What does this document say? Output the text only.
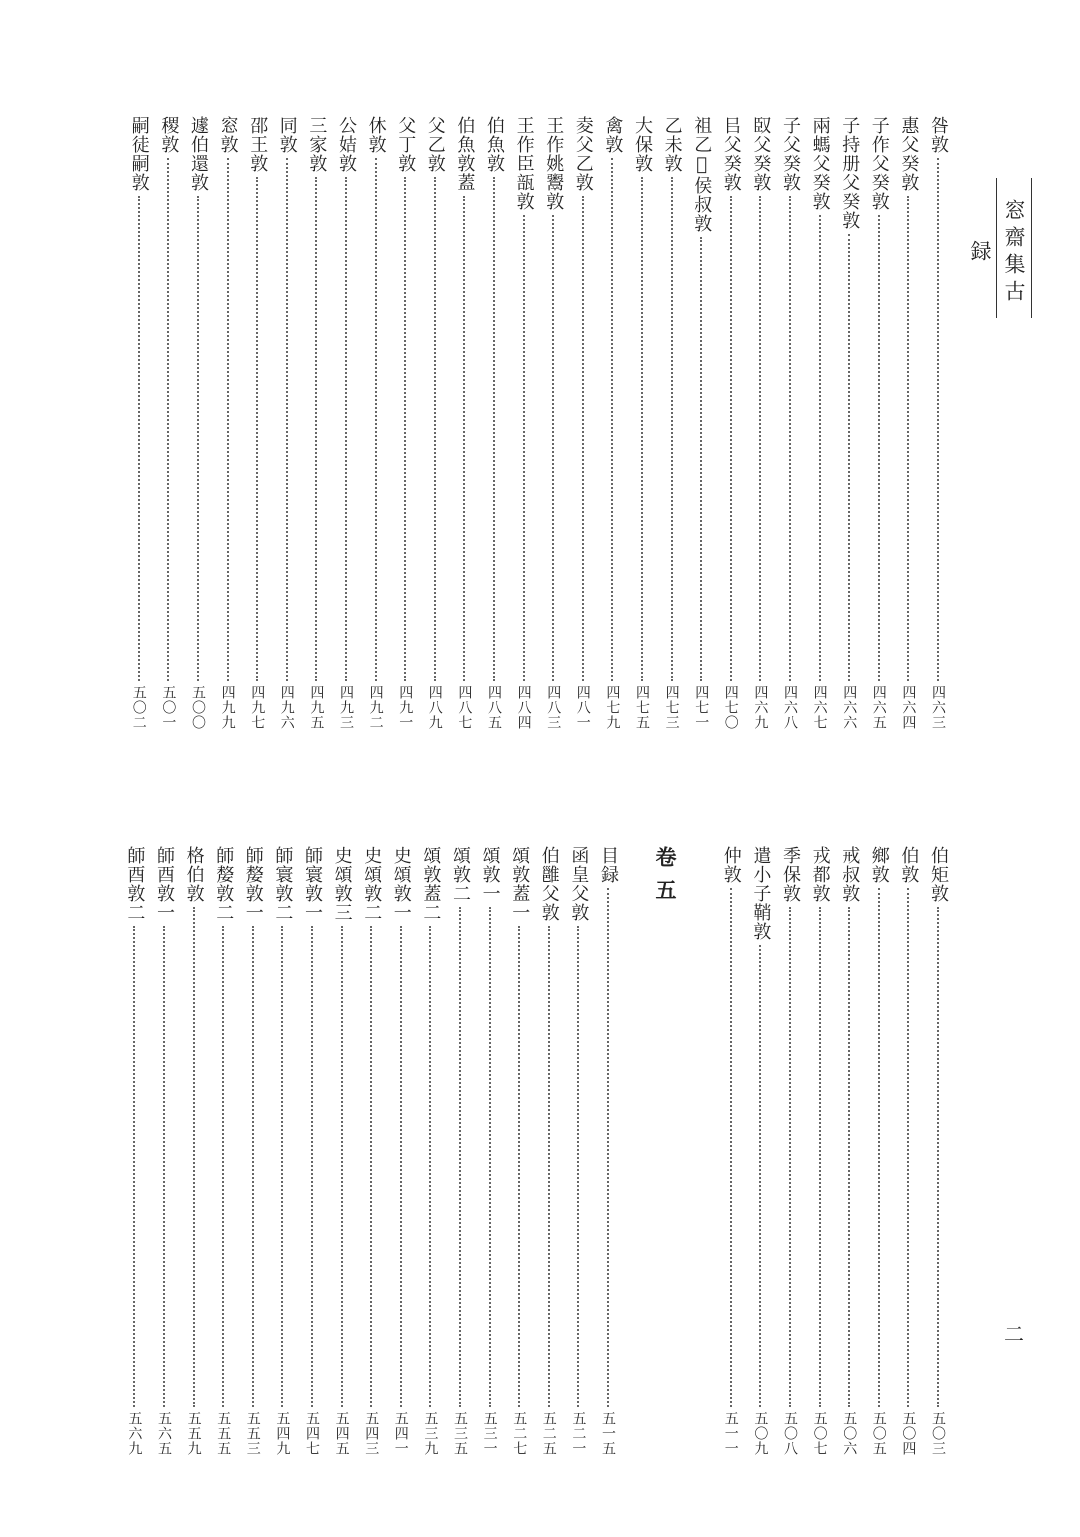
窓齋集古録
二
咎敦
四六三
惠父癸敦
四六四
子作父癸敦
四六五
子持册父癸敦
四六六
兩螞父癸敦
四六七
子父癸敦
四六八
臤父癸敦
四六九
㠯父癸敦
四七〇
祖乙𩟿侯叔敦
四七一
乙未敦
四七三
大保敦
四七五
禽敦
四七九
夌父乙敦
四八一
王作姚鬻敦
四八三
王作臣瓿敦
四八四
伯魚敦
四八五
伯魚敦蓋
四八七
父乙敦
四八九
父丁敦
四九一
休敦
四九二
公姞敦
四九三
三家敦
四九五
同敦
四九六
邵王敦
四九七
窓敦
四九九
遽伯還敦
五〇〇
稷敦
五〇一
嗣徒嗣敦
五〇二
伯矩敦
五〇三
伯敦
五〇四
鄉敦
五〇五
戒叔敦
五〇六
戎都敦
五〇七
季保敦
五〇八
遣小子鞘敦
五〇九
仲敦
五一一
卷五
目録
五一五
函皇父敦
五二一
伯雝父敦
五二五
頌敦蓋一
五二七
頌敦一
五三一
頌敦二
五三五
頌敦蓋二
五三九
史頌敦一
五四一
史頌敦二
五四三
史頌敦三
五四五
師寰敦一
五四七
師寰敦二
五四九
師嫠敦一
五五三
師嫠敦二
五五五
格伯敦
五五九
師酉敦一
五六五
師酉敦二
五六九
